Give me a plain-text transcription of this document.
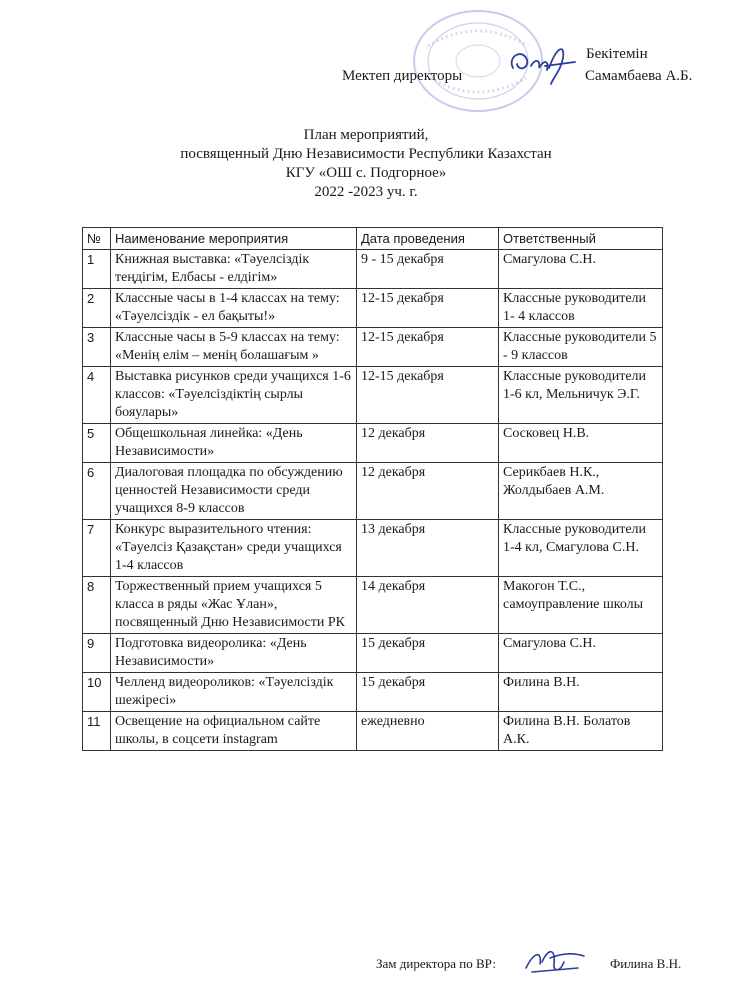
Бекітемін
Мектеп директоры	Самамбаева А.Б.
План мероприятий,
посвященный Дню Независимости Республики Казахстан
КГУ «ОШ с. Подгорное»
2022 -2023 уч. г.
№	Наименование мероприятия	Дата проведения	Ответственный
1	Книжная выставка: «Тәуелсіздік теңдігім, Елбасы - елдігім»	9 - 15 декабря	Смагулова С.Н.
2	Классные часы в 1-4 классах на тему: «Тәуелсіздік - ел бақыты!»	12-15 декабря	Классные руководители 1- 4 классов
3	Классные часы в 5-9 классах на тему: «Менің елім – менің болашағым »	12-15 декабря	Классные руководители 5 - 9 классов
4	Выставка рисунков среди учащихся 1-6 классов: «Тәуелсіздіктің сырлы бояулары»	12-15 декабря	Классные руководители 1-6 кл, Мельничук Э.Г.
5	Общешкольная линейка: «День Независимости»	12 декабря	Сосковец Н.В.
6	Диалоговая площадка по обсуждению ценностей Независимости среди учащихся 8-9 классов	12 декабря	Серикбаев Н.К., Жолдыбаев А.М.
7	Конкурс выразительного чтения: «Тәуелсіз Қазақстан» среди учащихся 1-4 классов	13 декабря	Классные руководители 1-4 кл, Смагулова С.Н.
8	Торжественный прием учащихся 5 класса в ряды «Жас Ұлан», посвященный Дню Независимости РК	14 декабря	Макогон Т.С., самоуправление школы
9	Подготовка видеоролика: «День Независимости»	15 декабря	Смагулова С.Н.
10	Челленд видеороликов: «Тәуелсіздік шежіресі»	15 декабря	Филина В.Н.
11	Освещение на официальном сайте школы, в соцсети instagram	ежедневно	Филина В.Н. Болатов А.К.
Зам директора по ВР:	Филина В.Н.
